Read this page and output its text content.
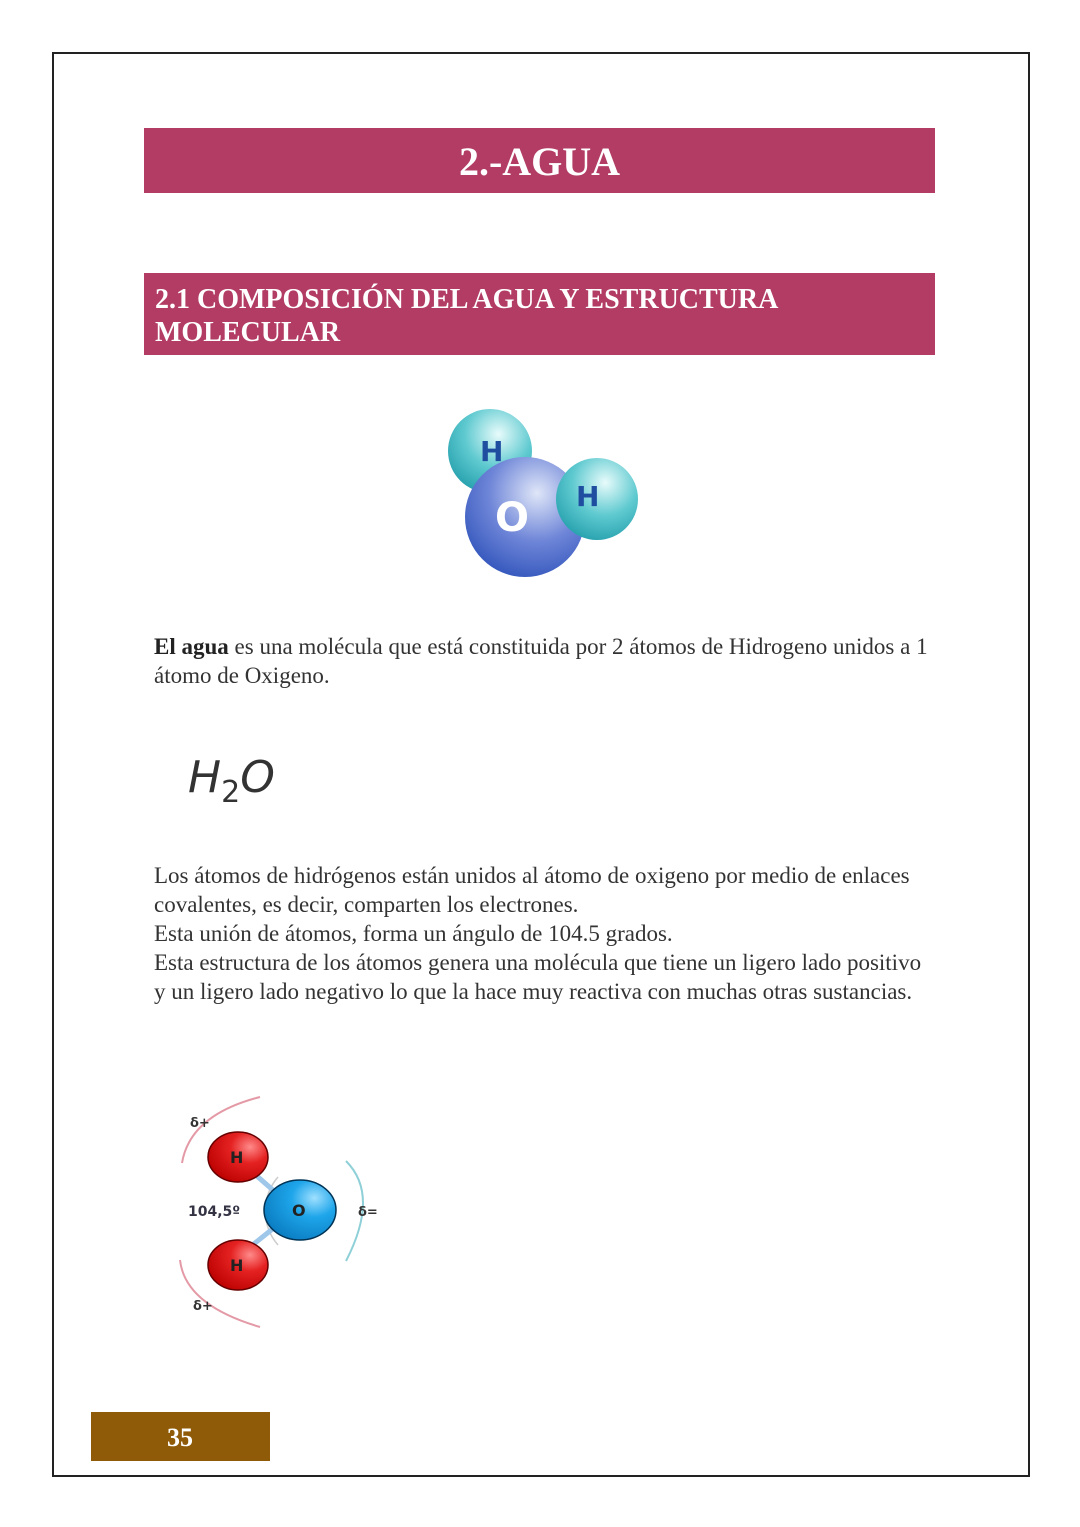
2.-AGUA
2.1 COMPOSICIÓN DEL AGUA Y ESTRUCTURA MOLECULAR
H
H
O
El agua es una molécula que está constituida por 2 átomos de Hidrogeno unidos a 1 átomo de Oxigeno.
$H_2O$
Los átomos de hidrógenos están unidos al átomo de oxigeno por medio de enlaces covalentes, es decir, comparten los electrones.
Esta unión de átomos, forma un ángulo de 104.5 grados.
Esta estructura de los átomos genera una molécula que tiene un ligero lado positivo y un ligero lado negativo lo que la hace muy reactiva con muchas otras sustancias.
H
H
O
104,5º
δ+
δ+
δ=
35
